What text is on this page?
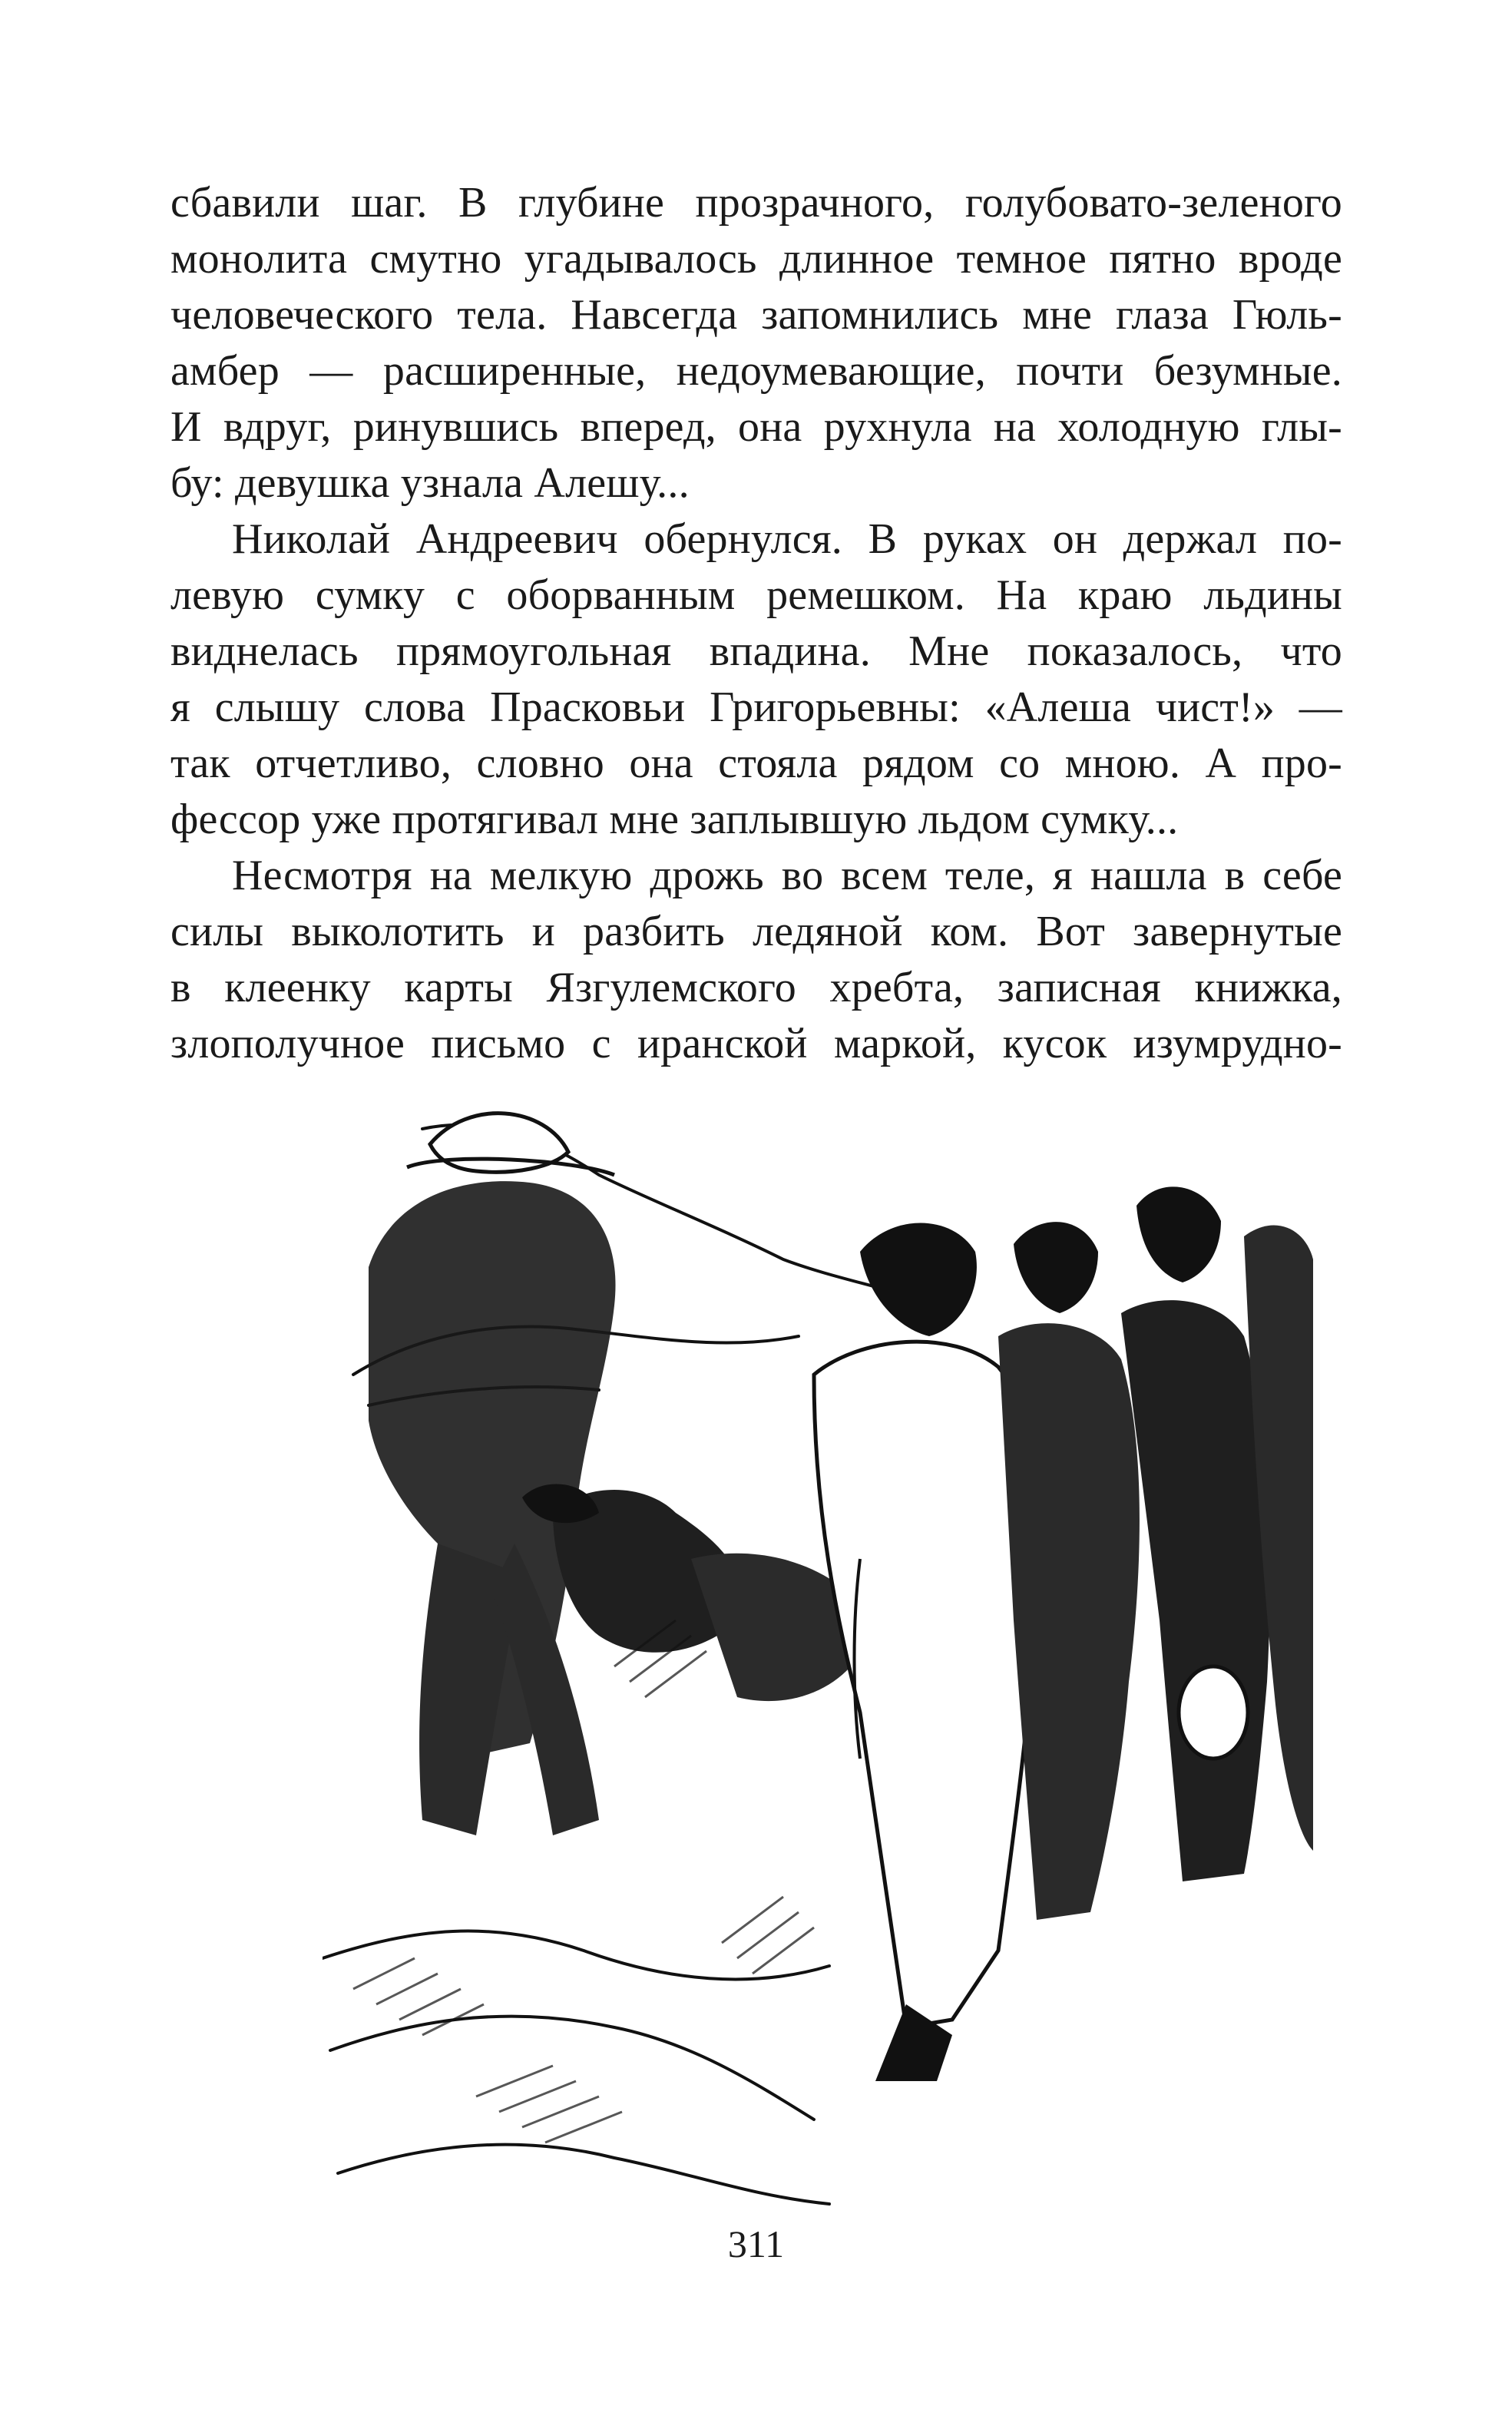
сбавили шаг. В глубине прозрачного, голубовато-зеленого
монолита смутно угадывалось длинное темное пятно вроде
человеческого тела. Навсегда запомнились мне глаза Гюль-
амбер — расширенные, недоумевающие, почти безумные.
И вдруг, ринувшись вперед, она рухнула на холодную глы-
бу: девушка узнала Алешу...

Николай Андреевич обернулся. В руках он держал по-
левую сумку с оборванным ремешком. На краю льдины
виднелась прямоугольная впадина. Мне показалось, что
я слышу слова Прасковьи Григорьевны: «Алеша чист!» —
так отчетливо, словно она стояла рядом со мною. А про-
фессор уже протягивал мне заплывшую льдом сумку...

Несмотря на мелкую дрожь во всем теле, я нашла в себе
силы выколотить и разбить ледяной ком. Вот завернутые
в клеенку карты Язгулемского хребта, записная книжка,
злополучное письмо с иранской маркой, кусок изумрудно-

311
